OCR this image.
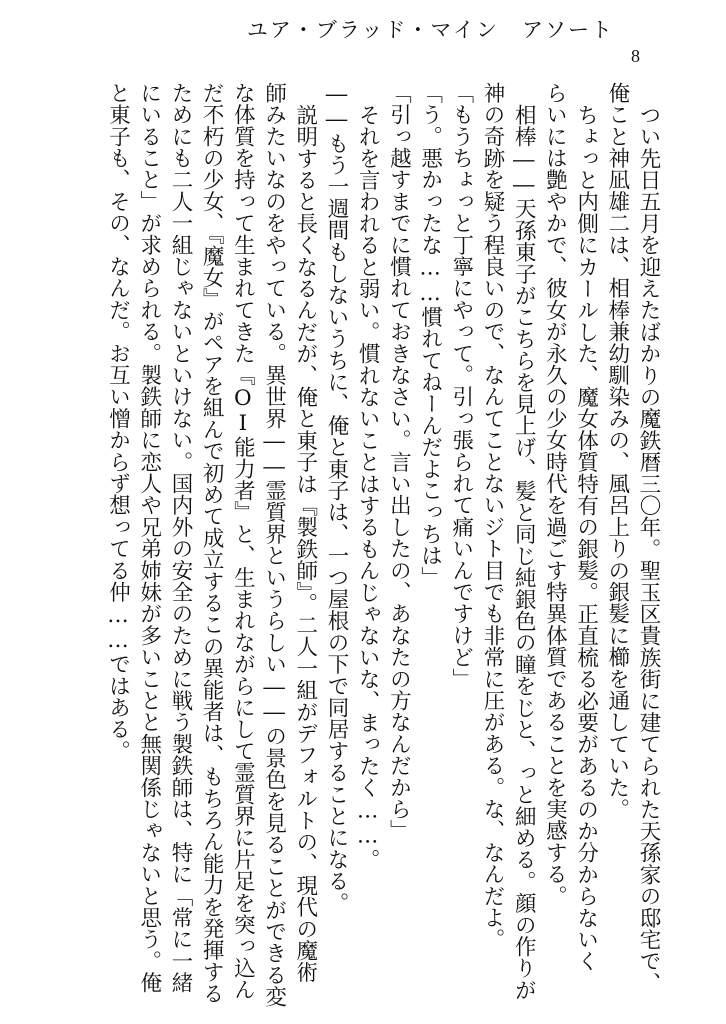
ユア・ブラッド・マイン　アソート
8
つい先日五月を迎えたばかりの魔鉄暦三〇年。聖玉区貴族街に建てられた天孫家の邸宅で、
俺こと神凪雄二は、相棒兼幼馴染みの、風呂上りの銀髪に櫛を通していた。
ちょっと内側にカールした、魔女体質特有の銀髪。正直梳る必要があるのか分からないく
らいには艶やかで、彼女が永久の少女時代を過ごす特異体質であることを実感する。
相棒――天孫東子がこちらを見上げ、髪と同じ純銀色の瞳をじと、っと細める。顔の作りが
神の奇跡を疑う程良いので、なんてことないジト目でも非常に圧がある。な、なんだよ。
「もうちょっと丁寧にやって。引っ張られて痛いんですけど」
「う。悪かったな……慣れてねーんだよこっちは」
「引っ越すまでに慣れておきなさい。言い出したの、あなたの方なんだから」
それを言われると弱い。慣れないことはするもんじゃないな、まったく……。
――もう一週間もしないうちに、俺と東子は、一つ屋根の下で同居することになる。
説明すると長くなるんだが、俺と東子は『製鉄師』。二人一組がデフォルトの、現代の魔術
師みたいなのをやっている。異世界――霊質界というらしい――の景色を見ることができる変
な体質を持って生まれてきた『OI能力者』と、生まれながらにして霊質界に片足を突っ込ん
だ不朽の少女、『魔女』がペアを組んで初めて成立するこの異能者は、もちろん能力を発揮する
ためにも二人一組じゃないといけない。国内外の安全のために戦う製鉄師は、特に「常に一緒
にいること」が求められる。製鉄師に恋人や兄弟姉妹が多いことと無関係じゃないと思う。俺
と東子も、その、なんだ。お互い憎からず想ってる仲……ではある。
